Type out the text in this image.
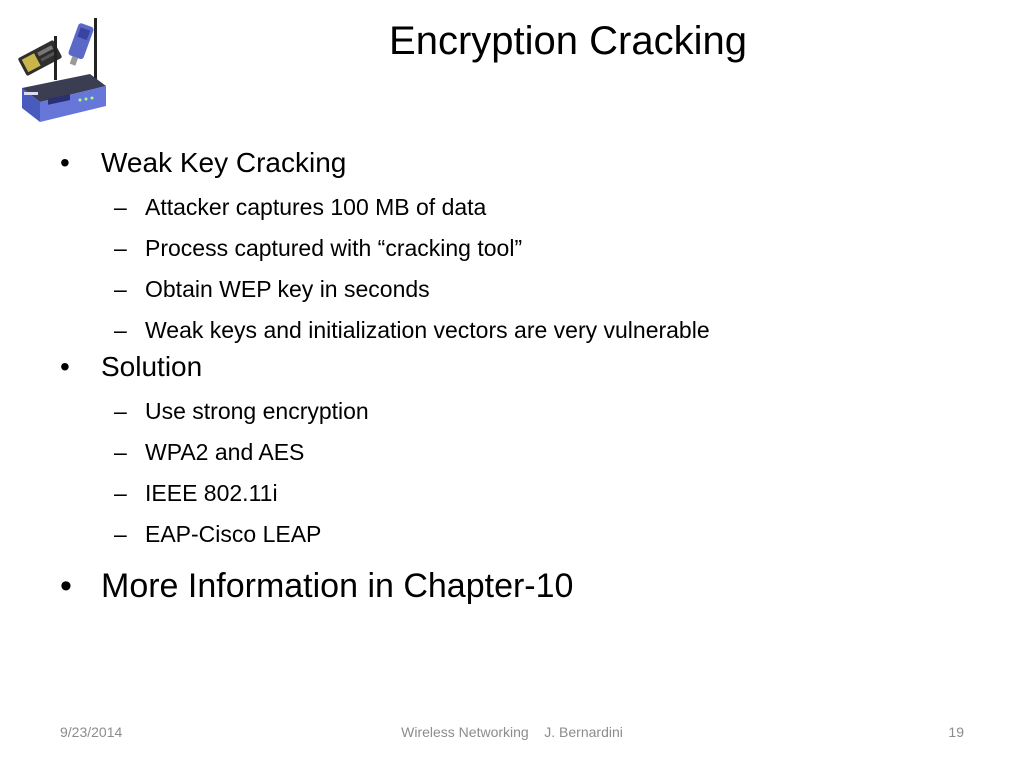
Encryption Cracking
• Weak Key Cracking
– Attacker captures 100 MB of data
– Process captured with “cracking tool”
– Obtain WEP key in seconds
– Weak keys and initialization vectors are very vulnerable
• Solution
– Use strong encryption
– WPA2 and AES
– IEEE 802.11i
– EAP-Cisco LEAP
• More Information in Chapter-10
9/23/2014	Wireless Networking    J. Bernardini	19
